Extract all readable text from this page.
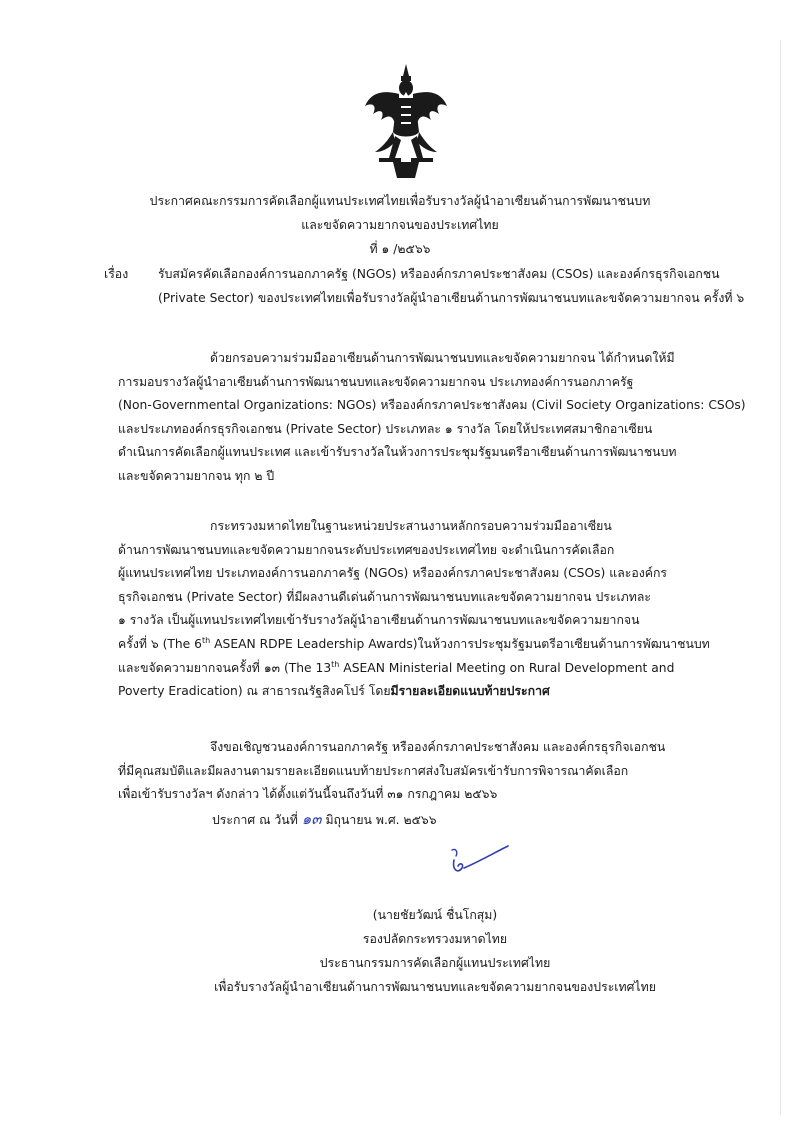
ประกาศคณะกรรมการคัดเลือกผู้แทนประเทศไทยเพื่อรับรางวัลผู้นำอาเซียนด้านการพัฒนาชนบท
และขจัดความยากจนของประเทศไทย
ที่ ๑ /๒๕๖๖
เรื่อง รับสมัครคัดเลือกองค์การนอกภาครัฐ (NGOs) หรือองค์กรภาคประชาสังคม (CSOs) และองค์กรธุรกิจเอกชน
(Private Sector) ของประเทศไทยเพื่อรับรางวัลผู้นำอาเซียนด้านการพัฒนาชนบทและขจัดความยากจน ครั้งที่ ๖
ด้วยกรอบความร่วมมืออาเซียนด้านการพัฒนาชนบทและขจัดความยากจน ได้กำหนดให้มี
การมอบรางวัลผู้นำอาเซียนด้านการพัฒนาชนบทและขจัดความยากจน ประเภทองค์การนอกภาครัฐ
(Non-Governmental Organizations: NGOs) หรือองค์กรภาคประชาสังคม (Civil Society Organizations: CSOs)
และประเภทองค์กรธุรกิจเอกชน (Private Sector) ประเภทละ ๑ รางวัล โดยให้ประเทศสมาชิกอาเซียน
ดำเนินการคัดเลือกผู้แทนประเทศ และเข้ารับรางวัลในห้วงการประชุมรัฐมนตรีอาเซียนด้านการพัฒนาชนบท
และขจัดความยากจน ทุก ๒ ปี
กระทรวงมหาดไทยในฐานะหน่วยประสานงานหลักกรอบความร่วมมืออาเซียน
ด้านการพัฒนาชนบทและขจัดความยากจนระดับประเทศของประเทศไทย จะดำเนินการคัดเลือก
ผู้แทนประเทศไทย ประเภทองค์การนอกภาครัฐ (NGOs) หรือองค์กรภาคประชาสังคม (CSOs) และองค์กร
ธุรกิจเอกชน (Private Sector) ที่มีผลงานดีเด่นด้านการพัฒนาชนบทและขจัดความยากจน ประเภทละ
๑ รางวัล เป็นผู้แทนประเทศไทยเข้ารับรางวัลผู้นำอาเซียนด้านการพัฒนาชนบทและขจัดความยากจน
ครั้งที่ ๖ (The 6th ASEAN RDPE Leadership Awards)ในห้วงการประชุมรัฐมนตรีอาเซียนด้านการพัฒนาชนบท
และขจัดความยากจนครั้งที่ ๑๓ (The 13th ASEAN Ministerial Meeting on Rural Development and
Poverty Eradication) ณ สาธารณรัฐสิงคโปร์ โดยมีรายละเอียดแนบท้ายประกาศ
จึงขอเชิญชวนองค์การนอกภาครัฐ หรือองค์กรภาคประชาสังคม และองค์กรธุรกิจเอกชน
ที่มีคุณสมบัติและมีผลงานตามรายละเอียดแนบท้ายประกาศส่งใบสมัครเข้ารับการพิจารณาคัดเลือก
เพื่อเข้ารับรางวัลฯ ดังกล่าว ได้ตั้งแต่วันนี้จนถึงวันที่ ๓๑ กรกฎาคม ๒๕๖๖
ประกาศ ณ วันที่ ๑๓ มิถุนายน พ.ศ. ๒๕๖๖
(นายชัยวัฒน์ ชื่นโกสุม)
รองปลัดกระทรวงมหาดไทย
ประธานกรรมการคัดเลือกผู้แทนประเทศไทย
เพื่อรับรางวัลผู้นำอาเซียนด้านการพัฒนาชนบทและขจัดความยากจนของประเทศไทย
